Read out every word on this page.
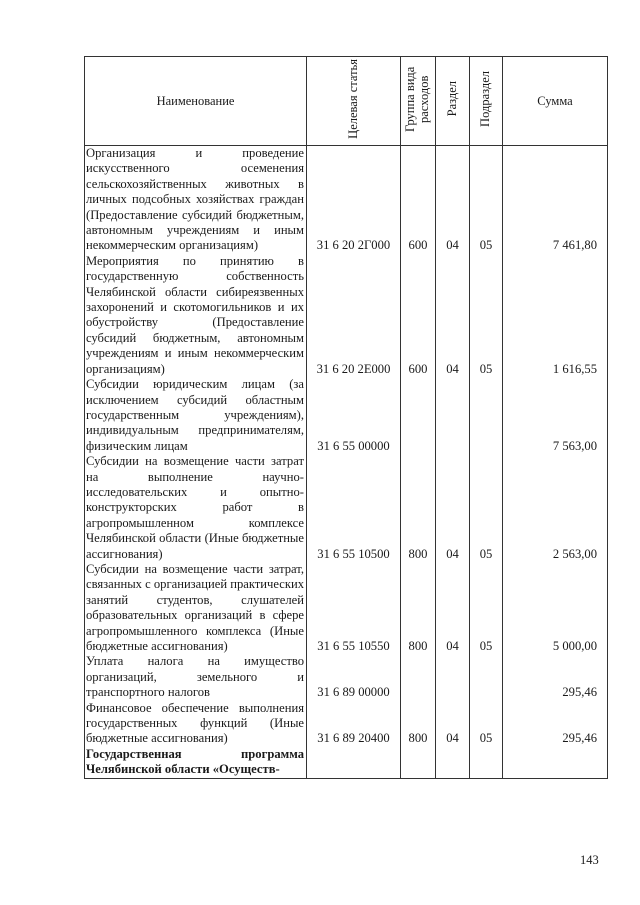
Наименование	Целевая статья	Группа вида расходов	Раздел	Подраздел	Сумма
Организация и проведение искусственного осеменения сельскохозяйственных животных в личных подсобных хозяйствах граждан (Предоставление субсидий бюджетным, автономным учреждениям и иным некоммерческим организациям)	31 6 20 2Г000	600	04	05	7 461,80
Мероприятия по принятию в государственную собственность Челябинской области сибиреязвенных захоронений и скотомогильников и их обустройству (Предоставление субсидий бюджетным, автономным учреждениям и иным некоммерческим организациям)	31 6 20 2Е000	600	04	05	1 616,55
Субсидии юридическим лицам (за исключением субсидий областным государственным учреждениям), индивидуальным предпринимателям, физическим лицам	31 6 55 00000				7 563,00
Субсидии на возмещение части затрат на выполнение научно-исследовательских и опытно-конструкторских работ в агропромышленном комплексе Челябинской области (Иные бюджетные ассигнования)	31 6 55 10500	800	04	05	2 563,00
Субсидии на возмещение части затрат, связанных с организацией практических занятий студентов, слушателей образовательных организаций в сфере агропромышленного комплекса (Иные бюджетные ассигнования)	31 6 55 10550	800	04	05	5 000,00
Уплата налога на имущество организаций, земельного и транспортного налогов	31 6 89 00000				295,46
Финансовое обеспечение выполнения государственных функций (Иные бюджетные ассигнования)	31 6 89 20400	800	04	05	295,46
Государственная программа Челябинской области «Осуществ-					
143
